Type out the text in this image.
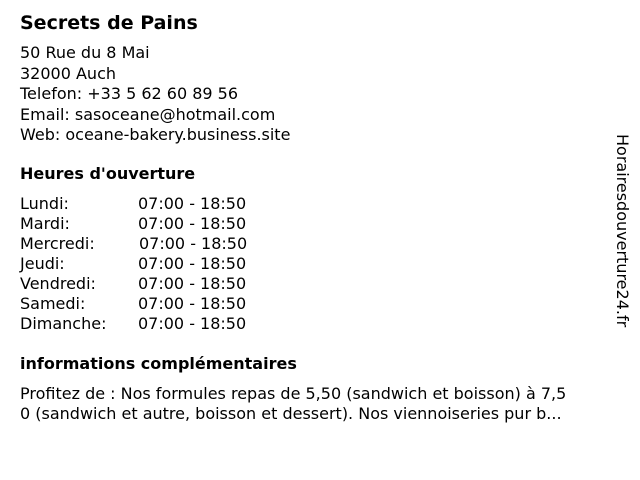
Secrets de Pains
50 Rue du 8 Mai
32000 Auch
Telefon: +33 5 62 60 89 56
Email: sasoceane@hotmail.com
Web: oceane-bakery.business.site
Heures d'ouverture
Lundi:	07:00 - 18:50
Mardi:	07:00 - 18:50
Mercredi:	07:00 - 18:50
Jeudi:	07:00 - 18:50
Vendredi:	07:00 - 18:50
Samedi:	07:00 - 18:50
Dimanche: 07:00 - 18:50
informations complémentaires
Profitez de : Nos formules repas de 5,50 (sandwich et boisson) à 7,5
0 (sandwich et autre, boisson et dessert). Nos viennoiseries pur b...
Horairesdouverture24.fr
